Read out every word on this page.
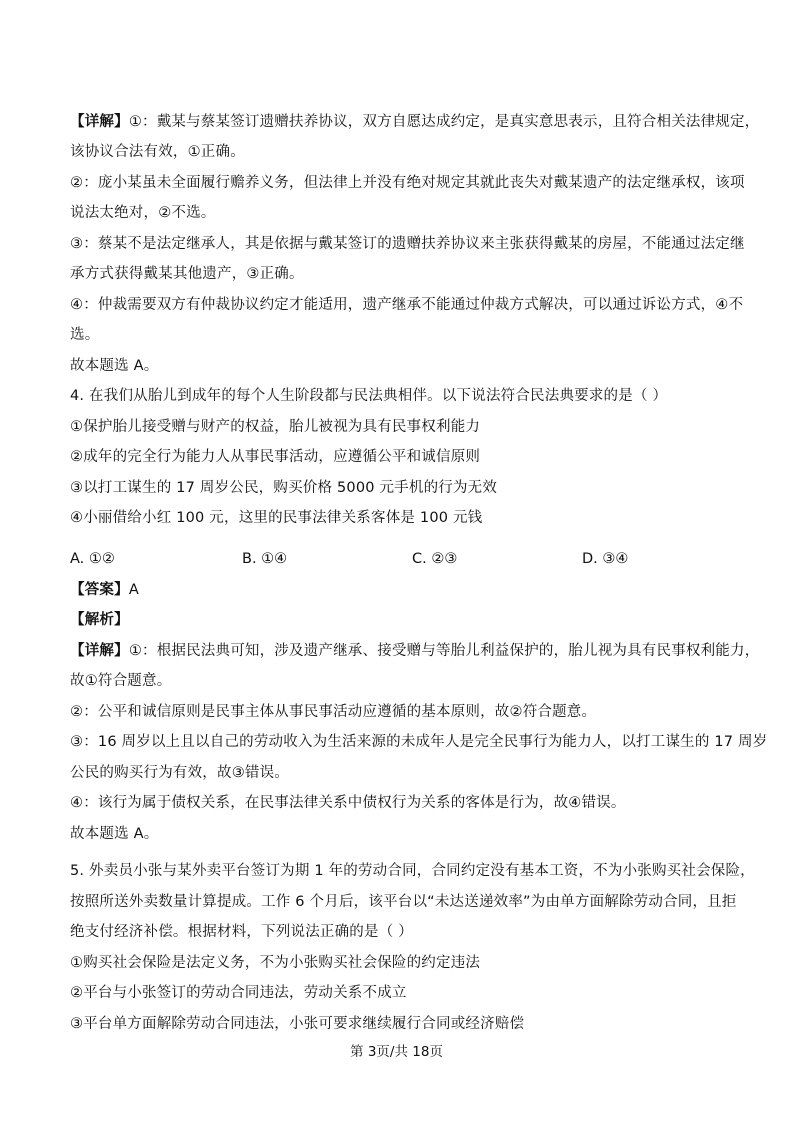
【详解】①：戴某与蔡某签订遗赠扶养协议，双方自愿达成约定，是真实意思表示，且符合相关法律规定，
该协议合法有效，①正确。
②：庞小某虽未全面履行赡养义务，但法律上并没有绝对规定其就此丧失对戴某遗产的法定继承权，该项
说法太绝对，②不选。
③：蔡某不是法定继承人，其是依据与戴某签订的遗赠扶养协议来主张获得戴某的房屋，不能通过法定继
承方式获得戴某其他遗产，③正确。
④：仲裁需要双方有仲裁协议约定才能适用，遗产继承不能通过仲裁方式解决，可以通过诉讼方式，④不
选。
故本题选 A。
4. 在我们从胎儿到成年的每个人生阶段都与民法典相伴。以下说法符合民法典要求的是（ ）
①保护胎儿接受赠与财产的权益，胎儿被视为具有民事权利能力
②成年的完全行为能力人从事民事活动，应遵循公平和诚信原则
③以打工谋生的 17 周岁公民，购买价格 5000 元手机的行为无效
④小丽借给小红 100 元，这里的民事法律关系客体是 100 元钱
A. ①②	B. ①④	C. ②③	D. ③④
【答案】A
【解析】
【详解】①：根据民法典可知，涉及遗产继承、接受赠与等胎儿利益保护的，胎儿视为具有民事权利能力，
故①符合题意。
②：公平和诚信原则是民事主体从事民事活动应遵循的基本原则，故②符合题意。
③：16 周岁以上且以自己的劳动收入为生活来源的未成年人是完全民事行为能力人，以打工谋生的 17 周岁
公民的购买行为有效，故③错误。
④：该行为属于债权关系，在民事法律关系中债权行为关系的客体是行为，故④错误。
故本题选 A。
5. 外卖员小张与某外卖平台签订为期 1 年的劳动合同，合同约定没有基本工资，不为小张购买社会保险，
按照所送外卖数量计算提成。工作 6 个月后，该平台以“未达送递效率”为由单方面解除劳动合同，且拒
绝支付经济补偿。根据材料，下列说法正确的是（ ）
①购买社会保险是法定义务，不为小张购买社会保险的约定违法
②平台与小张签订的劳动合同违法，劳动关系不成立
③平台单方面解除劳动合同违法，小张可要求继续履行合同或经济赔偿
第 3页/共 18页
